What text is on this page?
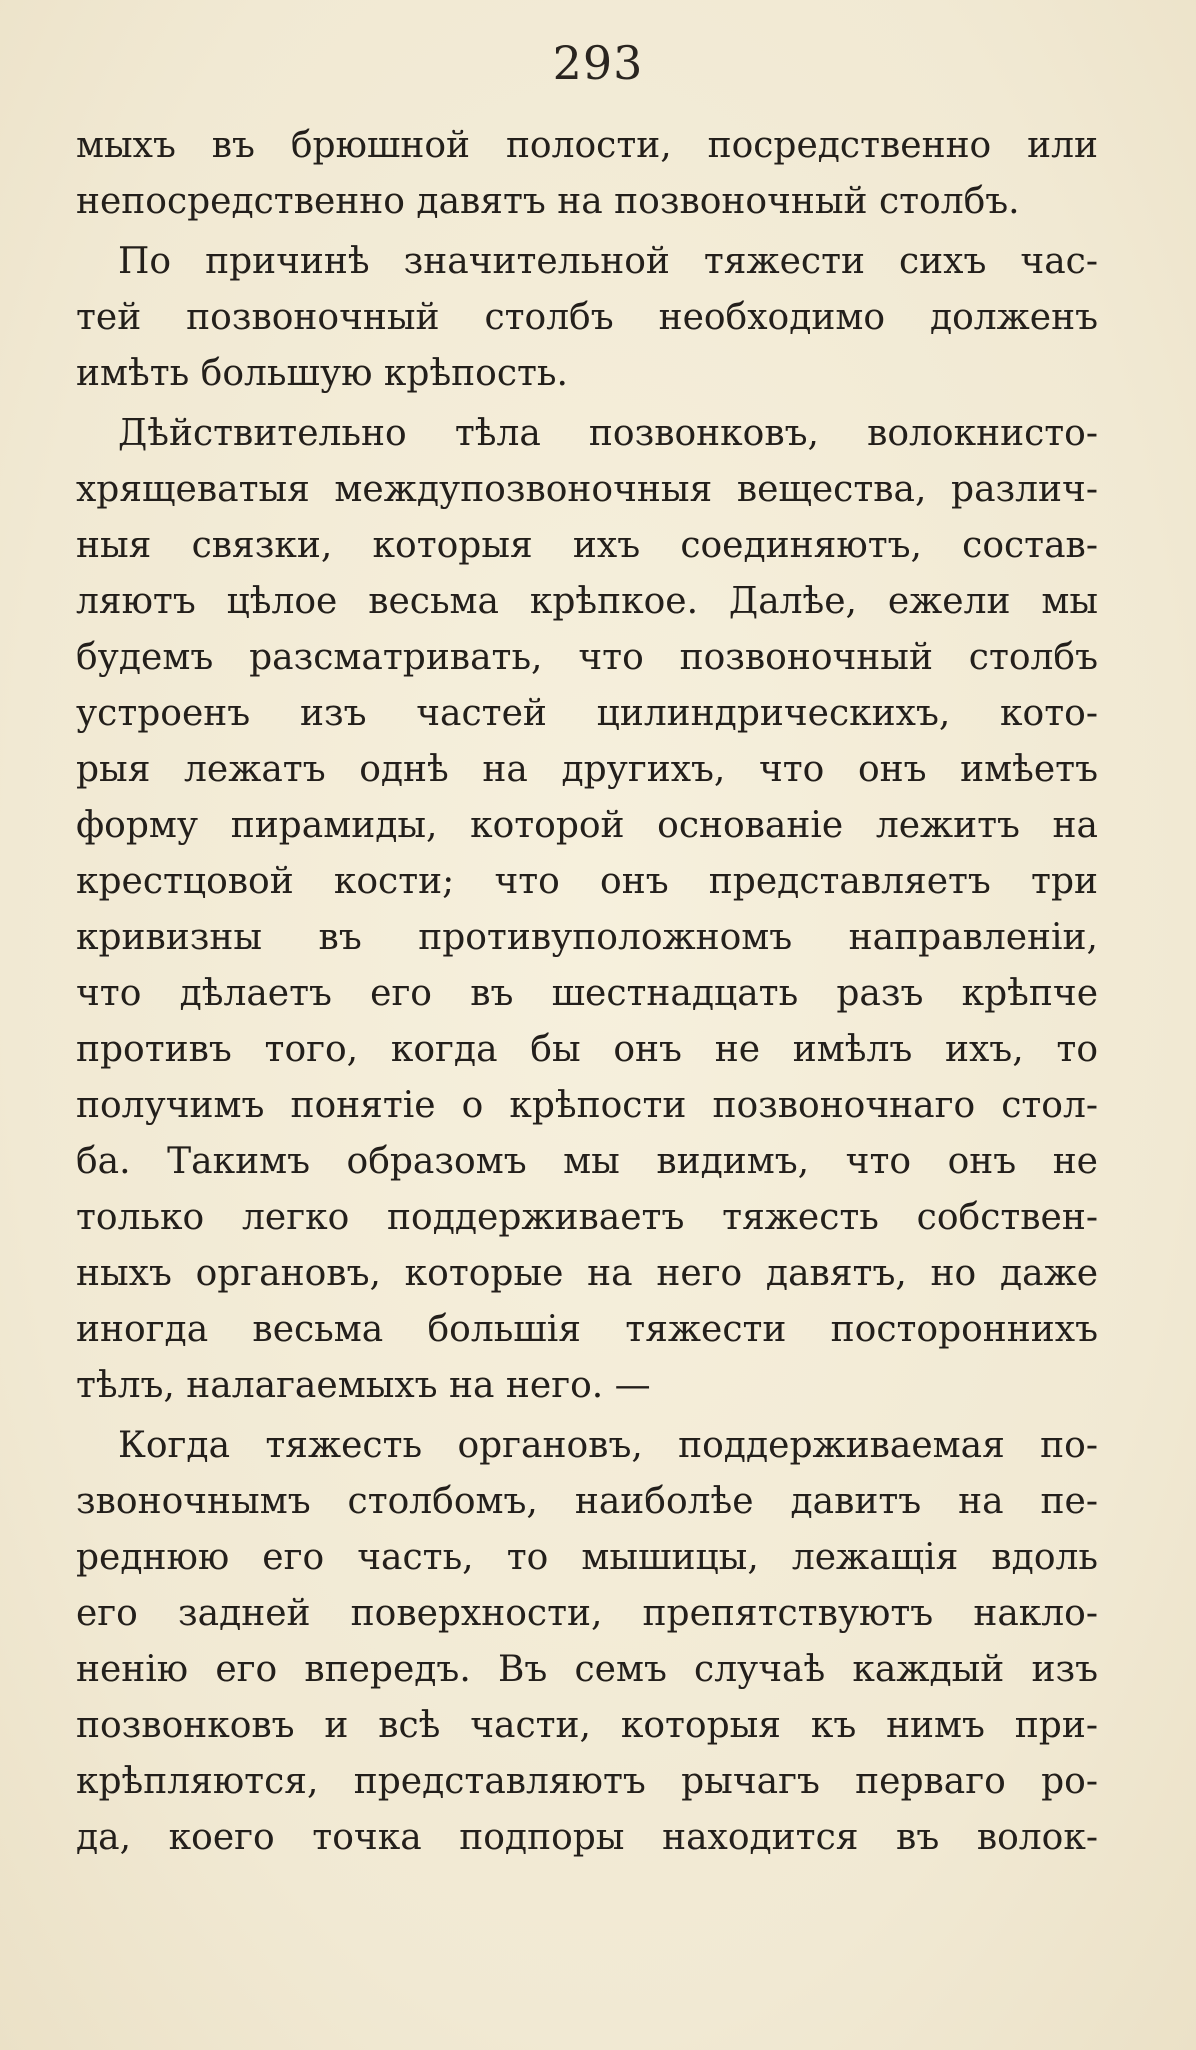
293
мыхъ въ брюшной полости, посредственно или
непосредственно давятъ на позвоночный столбъ.
По причинѣ значительной тяжести сихъ час-
тей позвоночный столбъ необходимо долженъ
имѣть большую крѣпость.
Дѣйствительно тѣла позвонковъ, волокнисто-
хрящеватыя междупозвоночныя вещества, различ-
ныя связки, которыя ихъ соединяютъ, состав-
ляютъ цѣлое весьма крѣпкое. Далѣе, ежели мы
будемъ разсматривать, что позвоночный столбъ
устроенъ изъ частей цилиндрическихъ, кото-
рыя лежатъ однѣ на другихъ, что онъ имѣетъ
форму пирамиды, которой основаніе лежитъ на
крестцовой кости; что онъ представляетъ три
кривизны въ противуположномъ направленіи,
что дѣлаетъ его въ шестнадцать разъ крѣпче
противъ того, когда бы онъ не имѣлъ ихъ, то
получимъ понятіе о крѣпости позвоночнаго стол-
ба. Такимъ образомъ мы видимъ, что онъ не
только легко поддерживаетъ тяжесть собствен-
ныхъ органовъ, которые на него давятъ, но даже
иногда весьма большія тяжести постороннихъ
тѣлъ, налагаемыхъ на него. —
Когда тяжесть органовъ, поддерживаемая по-
звоночнымъ столбомъ, наиболѣе давитъ на пе-
реднюю его часть, то мышицы, лежащія вдоль
его задней поверхности, препятствуютъ накло-
ненію его впередъ. Въ семъ случаѣ каждый изъ
позвонковъ и всѣ части, которыя къ нимъ при-
крѣпляются, представляютъ рычагъ перваго ро-
да, коего точка подпоры находится въ волок-
